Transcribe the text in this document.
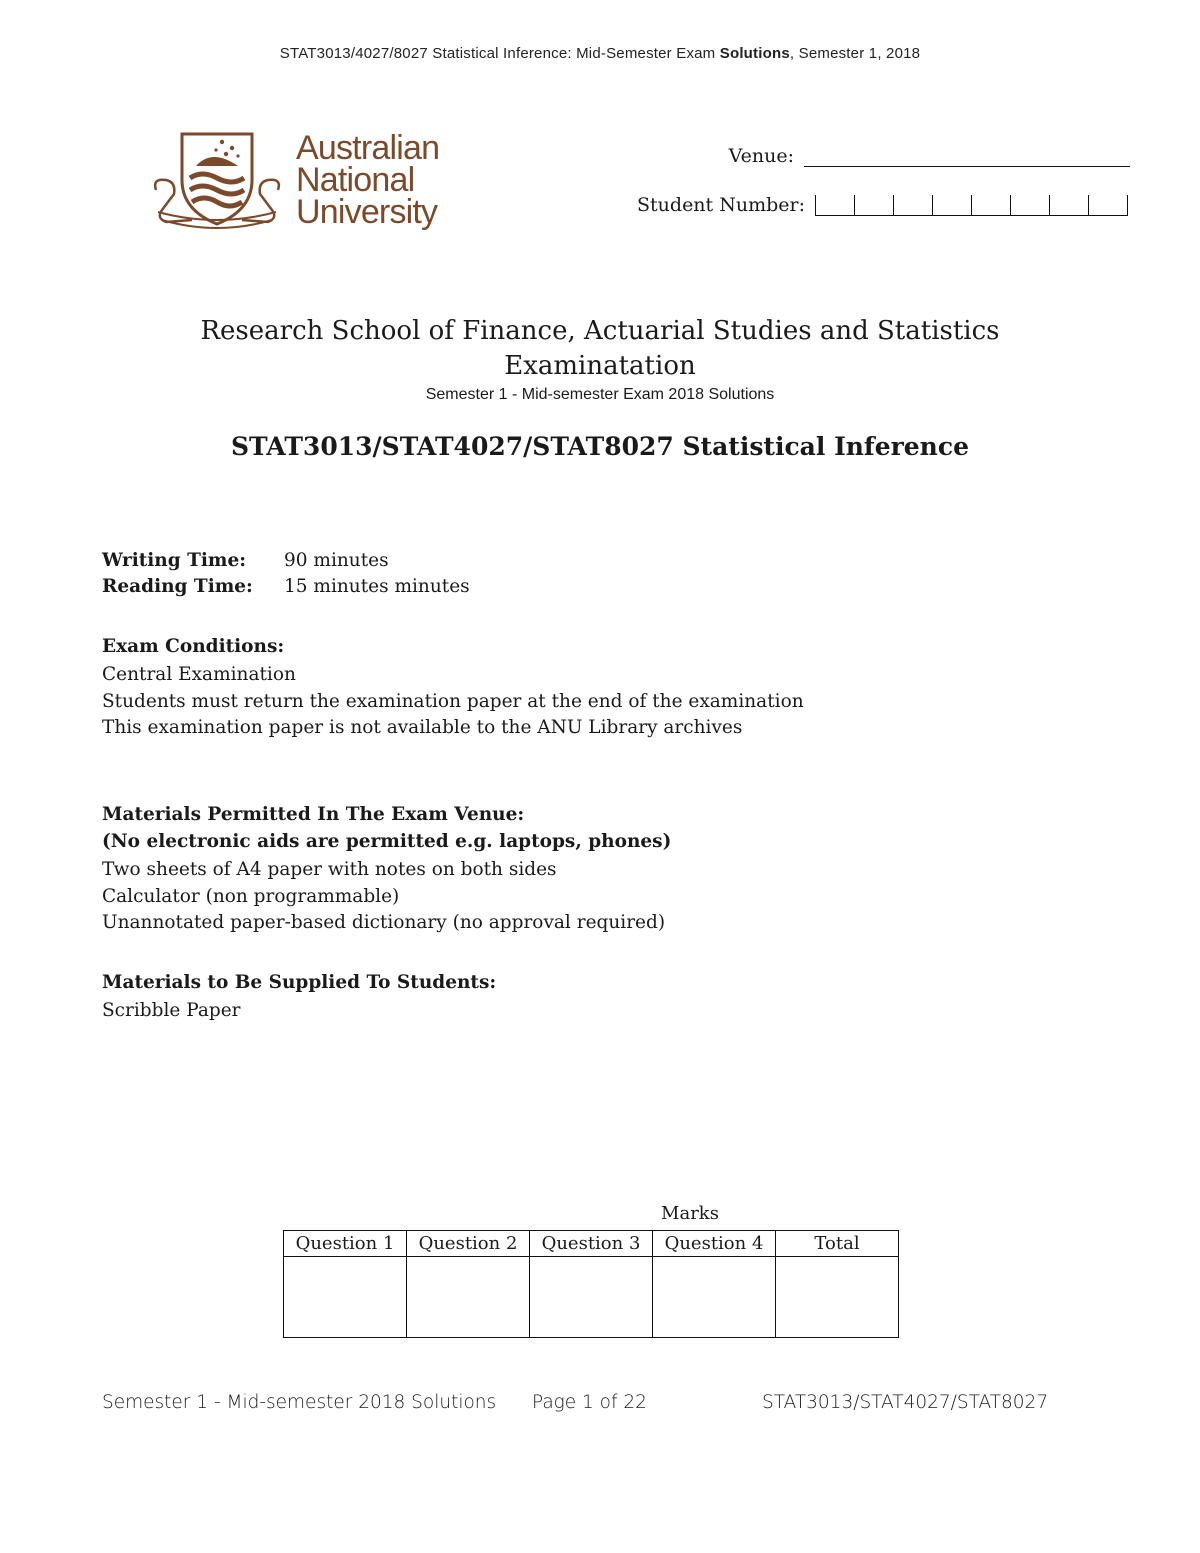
STAT3013/4027/8027 Statistical Inference: Mid-Semester Exam Solutions, Semester 1, 2018
Australian
National
University
Venue:
Student Number:
Research School of Finance, Actuarial Studies and Statistics
Examinatation
Semester 1 - Mid-semester Exam 2018 Solutions
STAT3013/STAT4027/STAT8027 Statistical Inference
Writing Time:	90 minutes
Reading Time:	15 minutes minutes
Exam Conditions:
Central Examination
Students must return the examination paper at the end of the examination
This examination paper is not available to the ANU Library archives
Materials Permitted In The Exam Venue:
(No electronic aids are permitted e.g. laptops, phones)
Two sheets of A4 paper with notes on both sides
Calculator (non programmable)
Unannotated paper-based dictionary (no approval required)
Materials to Be Supplied To Students:
Scribble Paper
Marks
Question 1	Question 2	Question 3	Question 4	Total

Semester 1 - Mid-semester 2018 Solutions Page 1 of 22	STAT3013/STAT4027/STAT8027
